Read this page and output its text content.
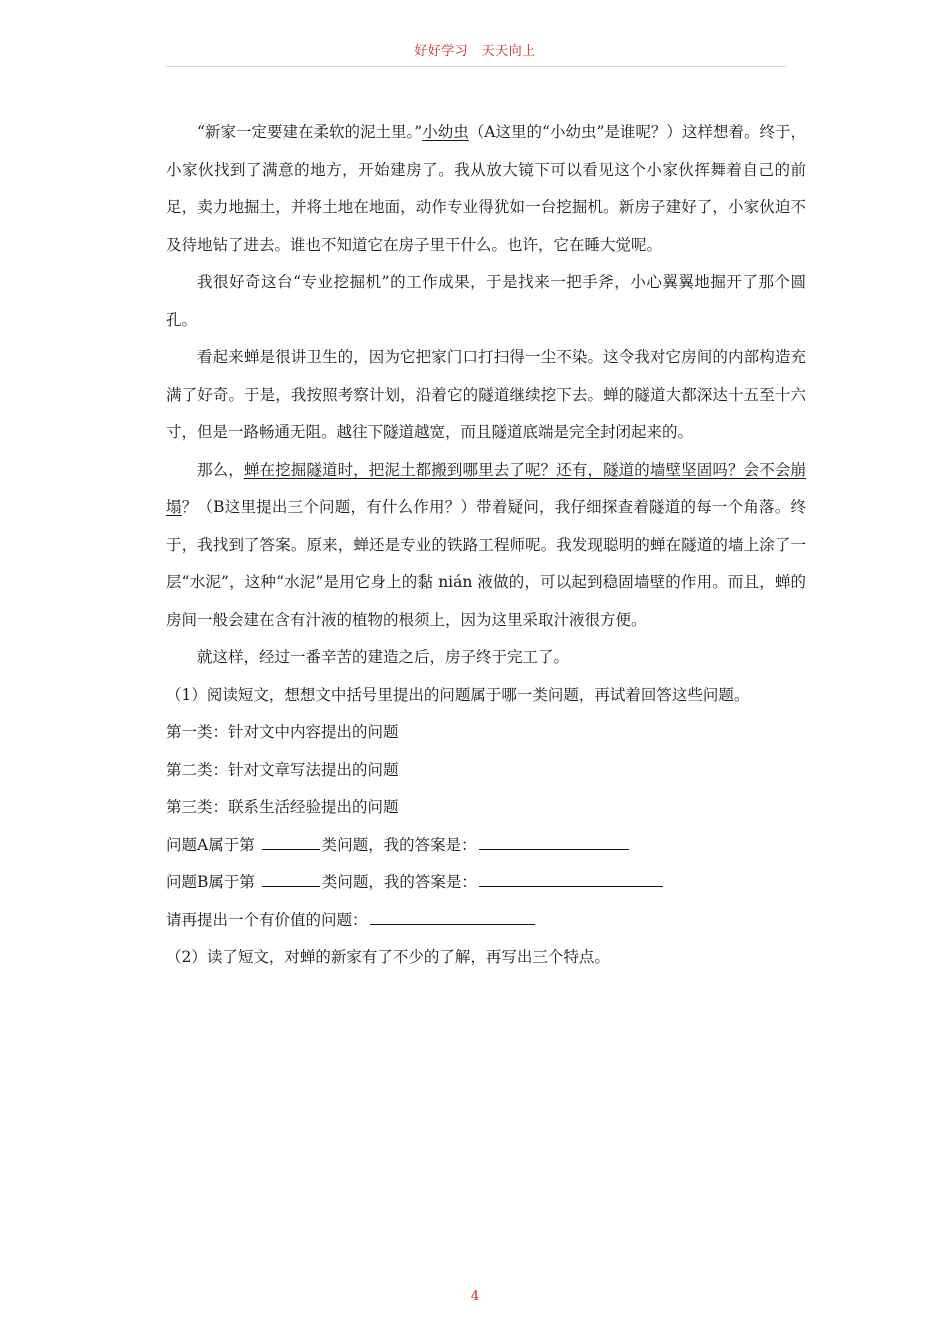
好好学习　天天向上

“新家一定要建在柔软的泥土里。”小幼虫（A这里的“小幼虫”是谁呢？）这样想着。终于，小家伙找到了满意的地方，开始建房了。我从放大镜下可以看见这个小家伙挥舞着自己的前足，卖力地掘土，并将土地在地面，动作专业得犹如一台挖掘机。新房子建好了，小家伙迫不及待地钻了进去。谁也不知道它在房子里干什么。也许，它在睡大觉呢。

我很好奇这台“专业挖掘机”的工作成果，于是找来一把手斧，小心翼翼地掘开了那个圆孔。

看起来蝉是很讲卫生的，因为它把家门口打扫得一尘不染。这令我对它房间的内部构造充满了好奇。于是，我按照考察计划，沿着它的隧道继续挖下去。蝉的隧道大都深达十五至十六寸，但是一路畅通无阻。越往下隧道越宽，而且隧道底端是完全封闭起来的。

那么，蝉在挖掘隧道时，把泥土都搬到哪里去了呢？还有，隧道的墙壁坚固吗？会不会崩塌？（B这里提出三个问题，有什么作用？）带着疑问，我仔细探查着隧道的每一个角落。终于，我找到了答案。原来，蝉还是专业的铁路工程师呢。我发现聪明的蝉在隧道的墙上涂了一层“水泥”，这种“水泥”是用它身上的黏 nián 液做的，可以起到稳固墙壁的作用。而且，蝉的房间一般会建在含有汁液的植物的根须上，因为这里采取汁液很方便。

就这样，经过一番辛苦的建造之后，房子终于完工了。

（1）阅读短文，想想文中括号里提出的问题属于哪一类问题，再试着回答这些问题。

第一类：针对文中内容提出的问题

第二类：针对文章写法提出的问题

第三类：联系生活经验提出的问题

问题A属于第	类问题，我的答案是：

问题B属于第	类问题，我的答案是：

请再提出一个有价值的问题：

（2）读了短文，对蝉的新家有了不少的了解，再写出三个特点。

4
